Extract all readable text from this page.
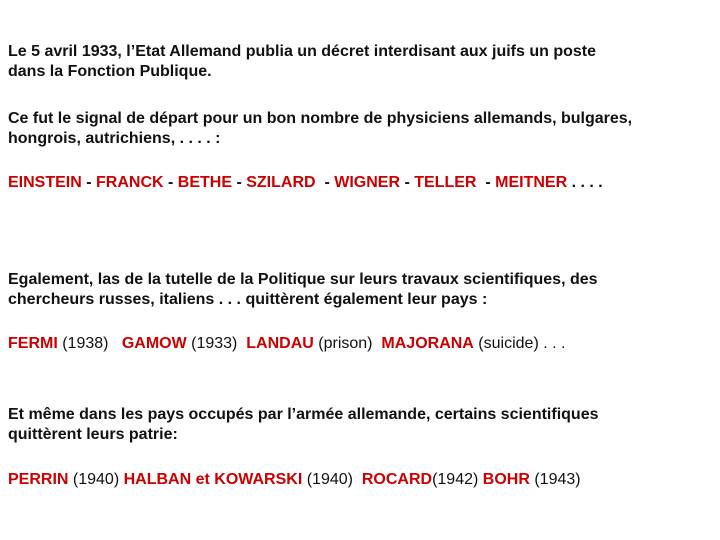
Le 5 avril 1933, l’Etat Allemand publia un décret interdisant aux juifs un poste
dans la Fonction Publique.

Ce fut le signal de départ pour un bon nombre de physiciens allemands, bulgares,
hongrois, autrichiens, . . . . :

EINSTEIN - FRANCK - BETHE - SZILARD - WIGNER - TELLER - MEITNER . . . .

Egalement, las de la tutelle de la Politique sur leurs travaux scientifiques, des
chercheurs russes, italiens . . . quittèrent également leur pays :

FERMI (1938) GAMOW (1933) LANDAU (prison) MAJORANA (suicide) . . .

Et même dans les pays occupés par l’armée allemande, certains scientifiques
quittèrent leurs patrie:

PERRIN (1940) HALBAN et KOWARSKI (1940) ROCARD (1942) BOHR (1943)
